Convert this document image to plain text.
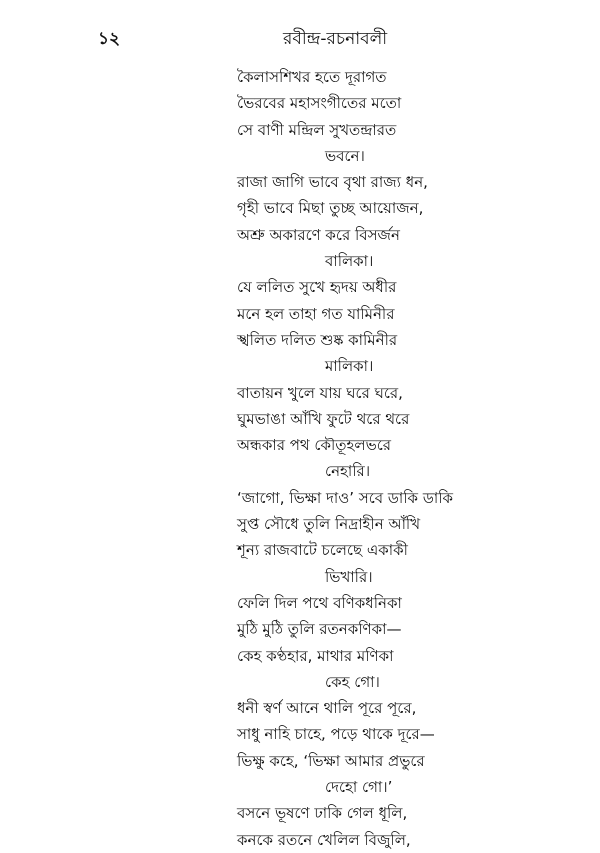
১২	রবীন্দ্র-রচনাবলী
কৈলাসশিখর হতে দূরাগত
ভৈরবের মহাসংগীতের মতো
সে বাণী মন্দ্রিল সুখতন্দ্রারত
ভবনে।
রাজা জাগি ভাবে বৃথা রাজ্য ধন,
গৃহী ভাবে মিছা তুচ্ছ আয়োজন,
অশ্রু অকারণে করে বিসর্জন
বালিকা।
যে ললিত সুখে হৃদয় অধীর
মনে হল তাহা গত যামিনীর
স্খলিত দলিত শুষ্ক কামিনীর
মালিকা।
বাতায়ন খুলে যায় ঘরে ঘরে,
ঘুমভাঙা আঁখি ফুটে থরে থরে
অন্ধকার পথ কৌতূহলভরে
নেহারি।
‘জাগো, ভিক্ষা দাও’ সবে ডাকি ডাকি
সুপ্ত সৌধে তুলি নিদ্রাহীন আঁখি
শূন্য রাজবাটে চলেছে একাকী
ভিখারি।
ফেলি দিল পথে বণিকধনিকা
মুঠি মুঠি তুলি রতনকণিকা—
কেহ কণ্ঠহার, মাথার মণিকা
কেহ গো।
ধনী স্বর্ণ আনে থালি পূরে পূরে,
সাধু নাহি চাহে, পড়ে থাকে দূরে—
ভিক্ষু কহে, ‘ভিক্ষা আমার প্রভুরে
দেহো গো।’
বসনে ভূষণে ঢাকি গেল ধূলি,
কনকে রতনে খেলিল বিজুলি,
